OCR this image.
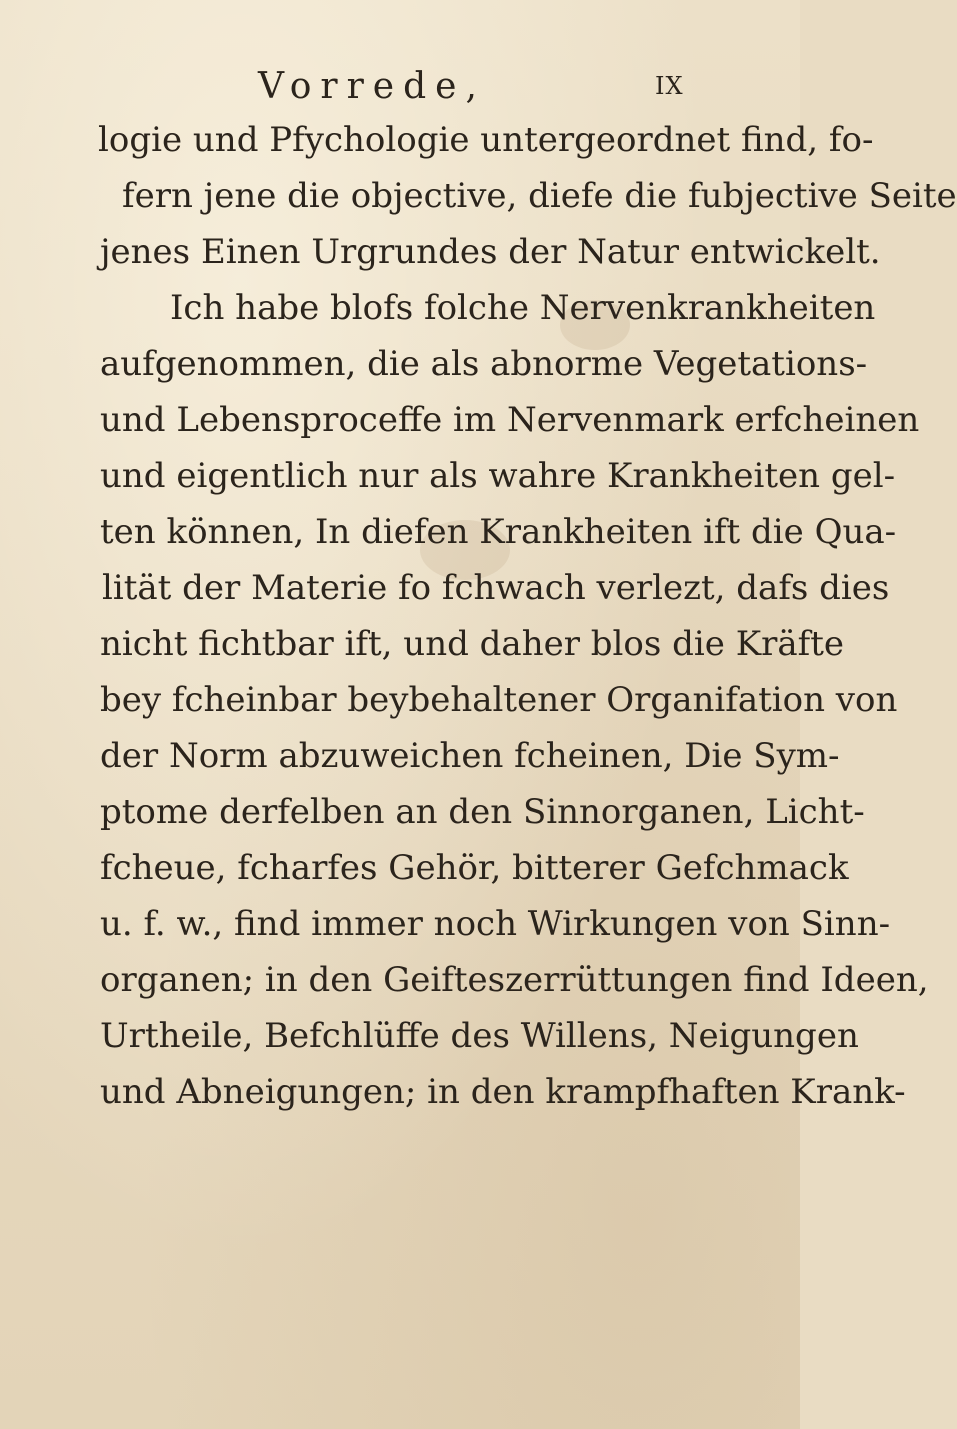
Vorrede,	IX
logie und Pfychologie untergeordnet find, fo-
fern jene die objective, diefe die fubjective Seite
jenes Einen Urgrundes der Natur entwickelt.
Ich habe blofs folche Nervenkrankheiten
aufgenommen, die als abnorme Vegetations-
und Lebensproceffe im Nervenmark erfcheinen
und eigentlich nur als wahre Krankheiten gel-
ten können, In diefen Krankheiten ift die Qua-
lität der Materie fo fchwach verlezt, dafs dies
nicht fichtbar ift, und daher blos die Kräfte
bey fcheinbar beybehaltener Organifation von
der Norm abzuweichen fcheinen, Die Sym-
ptome derfelben an den Sinnorganen, Licht-
fcheue, fcharfes Gehör, bitterer Gefchmack
u. f. w., find immer noch Wirkungen von Sinn-
organen; in den Geifteszerrüttungen find Ideen,
Urtheile, Befchlüffe des Willens, Neigungen
und Abneigungen; in den krampfhaften Krank-
